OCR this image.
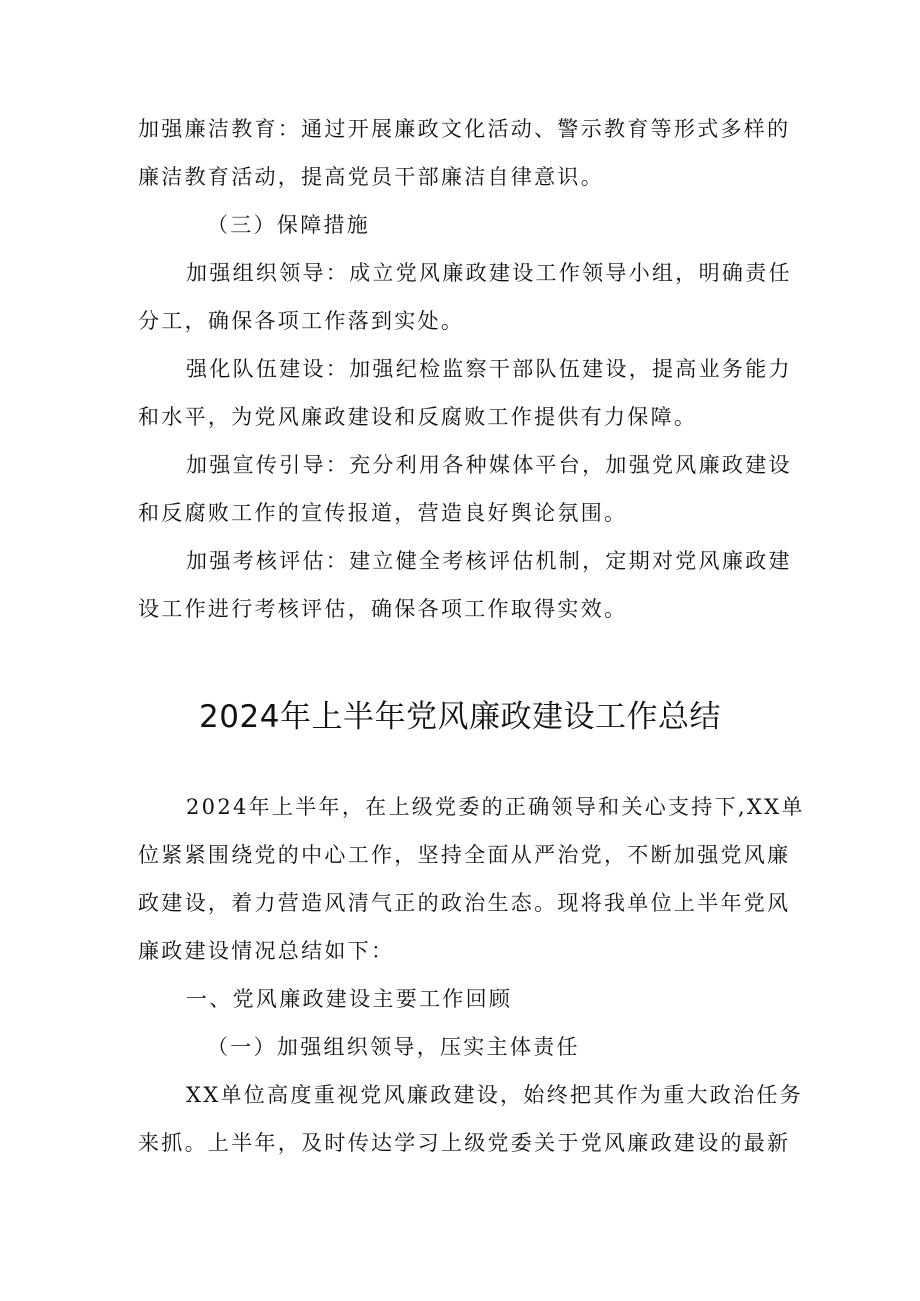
加强廉洁教育：通过开展廉政文化活动、警示教育等形式多样的
廉洁教育活动，提高党员干部廉洁自律意识。
（三）保障措施
加强组织领导：成立党风廉政建设工作领导小组，明确责任
分工，确保各项工作落到实处。
强化队伍建设：加强纪检监察干部队伍建设，提高业务能力
和水平，为党风廉政建设和反腐败工作提供有力保障。
加强宣传引导：充分利用各种媒体平台，加强党风廉政建设
和反腐败工作的宣传报道，营造良好舆论氛围。
加强考核评估：建立健全考核评估机制，定期对党风廉政建
设工作进行考核评估，确保各项工作取得实效。
2024年上半年党风廉政建设工作总结
2024年上半年，在上级党委的正确领导和关心支持下,XX单
位紧紧围绕党的中心工作，坚持全面从严治党，不断加强党风廉
政建设，着力营造风清气正的政治生态。现将我单位上半年党风
廉政建设情况总结如下：
一、党风廉政建设主要工作回顾
（一）加强组织领导，压实主体责任
XX单位高度重视党风廉政建设，始终把其作为重大政治任务
来抓。上半年，及时传达学习上级党委关于党风廉政建设的最新
